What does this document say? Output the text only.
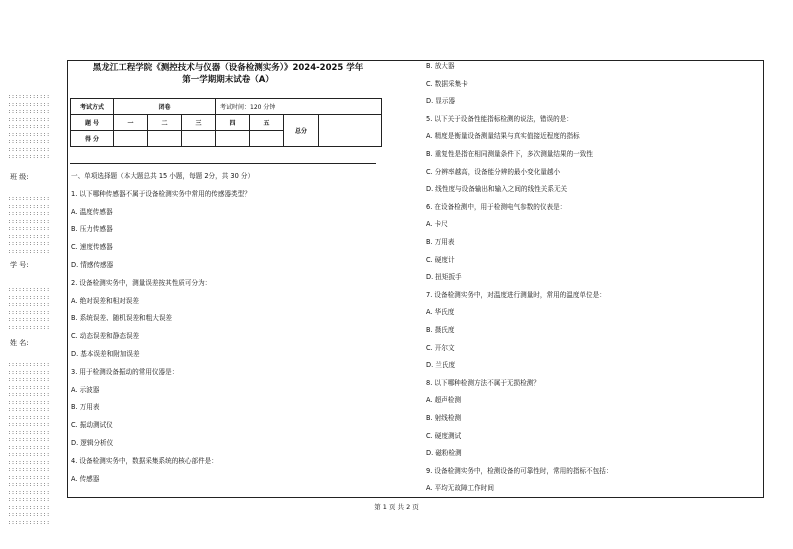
::::::::::::
::::::::::::
::::::::::::
::::::::::::
::::::::::::
::::::::::::
::::::::::::
::::::::::::
::::::::::::
班 级:
::::::::::::
::::::::::::
::::::::::::
::::::::::::
::::::::::::
::::::::::::
::::::::::::
::::::::::::
学 号:
::::::::::::
::::::::::::
::::::::::::
::::::::::::
::::::::::::
::::::::::::
姓 名:
::::::::::::
::::::::::::
::::::::::::
::::::::::::
::::::::::::
::::::::::::
::::::::::::
::::::::::::
::::::::::::
::::::::::::
::::::::::::
::::::::::::
::::::::::::
::::::::::::
::::::::::::
::::::::::::
::::::::::::
::::::::::::
::::::::::::
::::::::::::
::::::::::::
::::::::::::
黑龙江工程学院《测控技术与仪器（设备检测实务）》2024-2025 学年
第一学期期末试卷（A）
考试方式	闭卷			考试时间：120 分钟			
题 号	一	二	三	四	五	总分	
得 分							
一、单项选择题（本大题总共 15 小题，每题 2分，共 30 分）
1. 以下哪种传感器不属于设备检测实务中常用的传感器类型？
A. 温度传感器
B. 压力传感器
C. 速度传感器
D. 情感传感器
2. 设备检测实务中，测量误差按其性质可分为：
A. 绝对误差和相对误差
B. 系统误差、随机误差和粗大误差
C. 动态误差和静态误差
D. 基本误差和附加误差
3. 用于检测设备振动的常用仪器是：
A. 示波器
B. 万用表
C. 振动测试仪
D. 逻辑分析仪
4. 设备检测实务中，数据采集系统的核心部件是：
A. 传感器
B. 放大器
C. 数据采集卡
D. 显示器
5. 以下关于设备性能指标检测的说法，错误的是：
A. 精度是衡量设备测量结果与真实值接近程度的指标
B. 重复性是指在相同测量条件下，多次测量结果的一致性
C. 分辨率越高，设备能分辨的最小变化量越小
D. 线性度与设备输出和输入之间的线性关系无关
6. 在设备检测中，用于检测电气参数的仪表是：
A. 卡尺
B. 万用表
C. 硬度计
D. 扭矩扳手
7. 设备检测实务中，对温度进行测量时，常用的温度单位是：
A. 华氏度
B. 摄氏度
C. 开尔文
D. 兰氏度
8. 以下哪种检测方法不属于无损检测？
A. 超声检测
B. 射线检测
C. 硬度测试
D. 磁粉检测
9. 设备检测实务中，检测设备的可靠性时，常用的指标不包括：
A. 平均无故障工作时间
第 1 页 共 2 页
